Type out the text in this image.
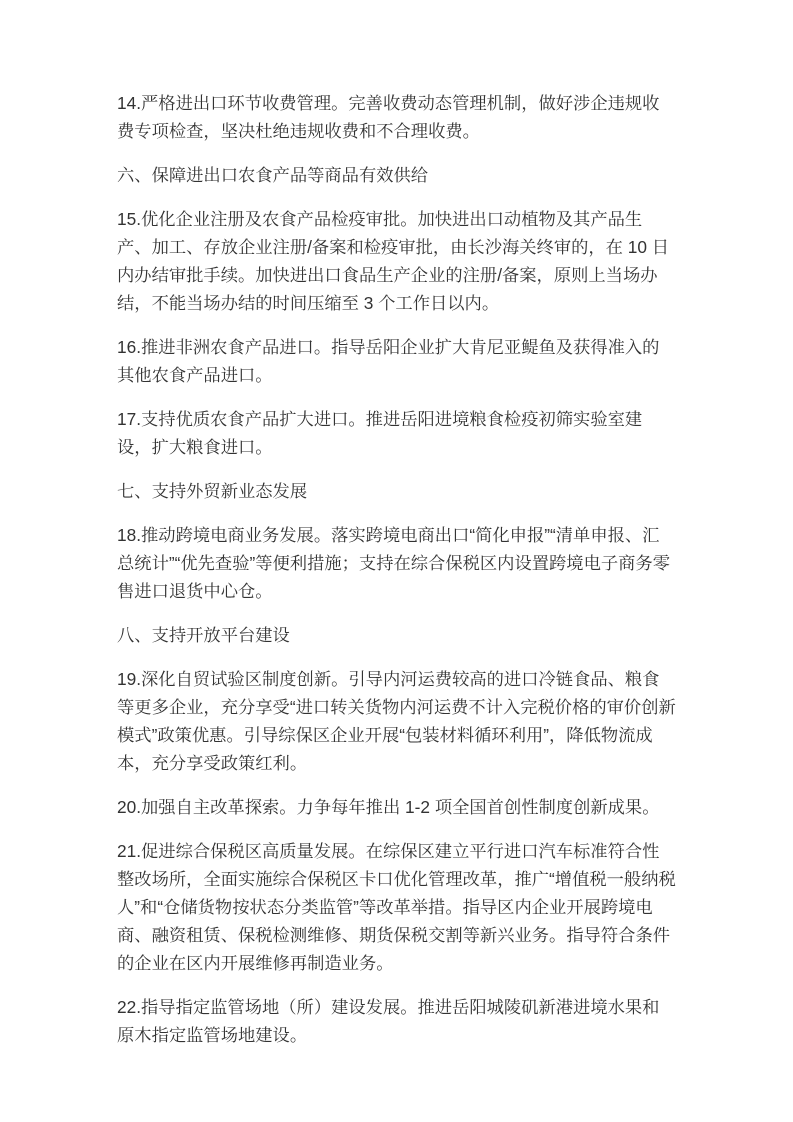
14.严格进出口环节收费管理。完善收费动态管理机制，做好涉企违规收费专项检查，坚决杜绝违规收费和不合理收费。

六、保障进出口农食产品等商品有效供给

15.优化企业注册及农食产品检疫审批。加快进出口动植物及其产品生产、加工、存放企业注册/备案和检疫审批，由长沙海关终审的，在 10 日内办结审批手续。加快进出口食品生产企业的注册/备案，原则上当场办结，不能当场办结的时间压缩至 3 个工作日以内。

16.推进非洲农食产品进口。指导岳阳企业扩大肯尼亚鳀鱼及获得准入的其他农食产品进口。

17.支持优质农食产品扩大进口。推进岳阳进境粮食检疫初筛实验室建设，扩大粮食进口。

七、支持外贸新业态发展

18.推动跨境电商业务发展。落实跨境电商出口“简化申报”“清单申报、汇总统计”“优先查验”等便利措施；支持在综合保税区内设置跨境电子商务零售进口退货中心仓。

八、支持开放平台建设

19.深化自贸试验区制度创新。引导内河运费较高的进口冷链食品、粮食等更多企业，充分享受“进口转关货物内河运费不计入完税价格的审价创新模式”政策优惠。引导综保区企业开展“包装材料循环利用”，降低物流成本，充分享受政策红利。

20.加强自主改革探索。力争每年推出 1-2 项全国首创性制度创新成果。

21.促进综合保税区高质量发展。在综保区建立平行进口汽车标准符合性整改场所，全面实施综合保税区卡口优化管理改革，推广“增值税一般纳税人”和“仓储货物按状态分类监管”等改革举措。指导区内企业开展跨境电商、融资租赁、保税检测维修、期货保税交割等新兴业务。指导符合条件的企业在区内开展维修再制造业务。

22.指导指定监管场地（所）建设发展。推进岳阳城陵矶新港进境水果和原木指定监管场地建设。
